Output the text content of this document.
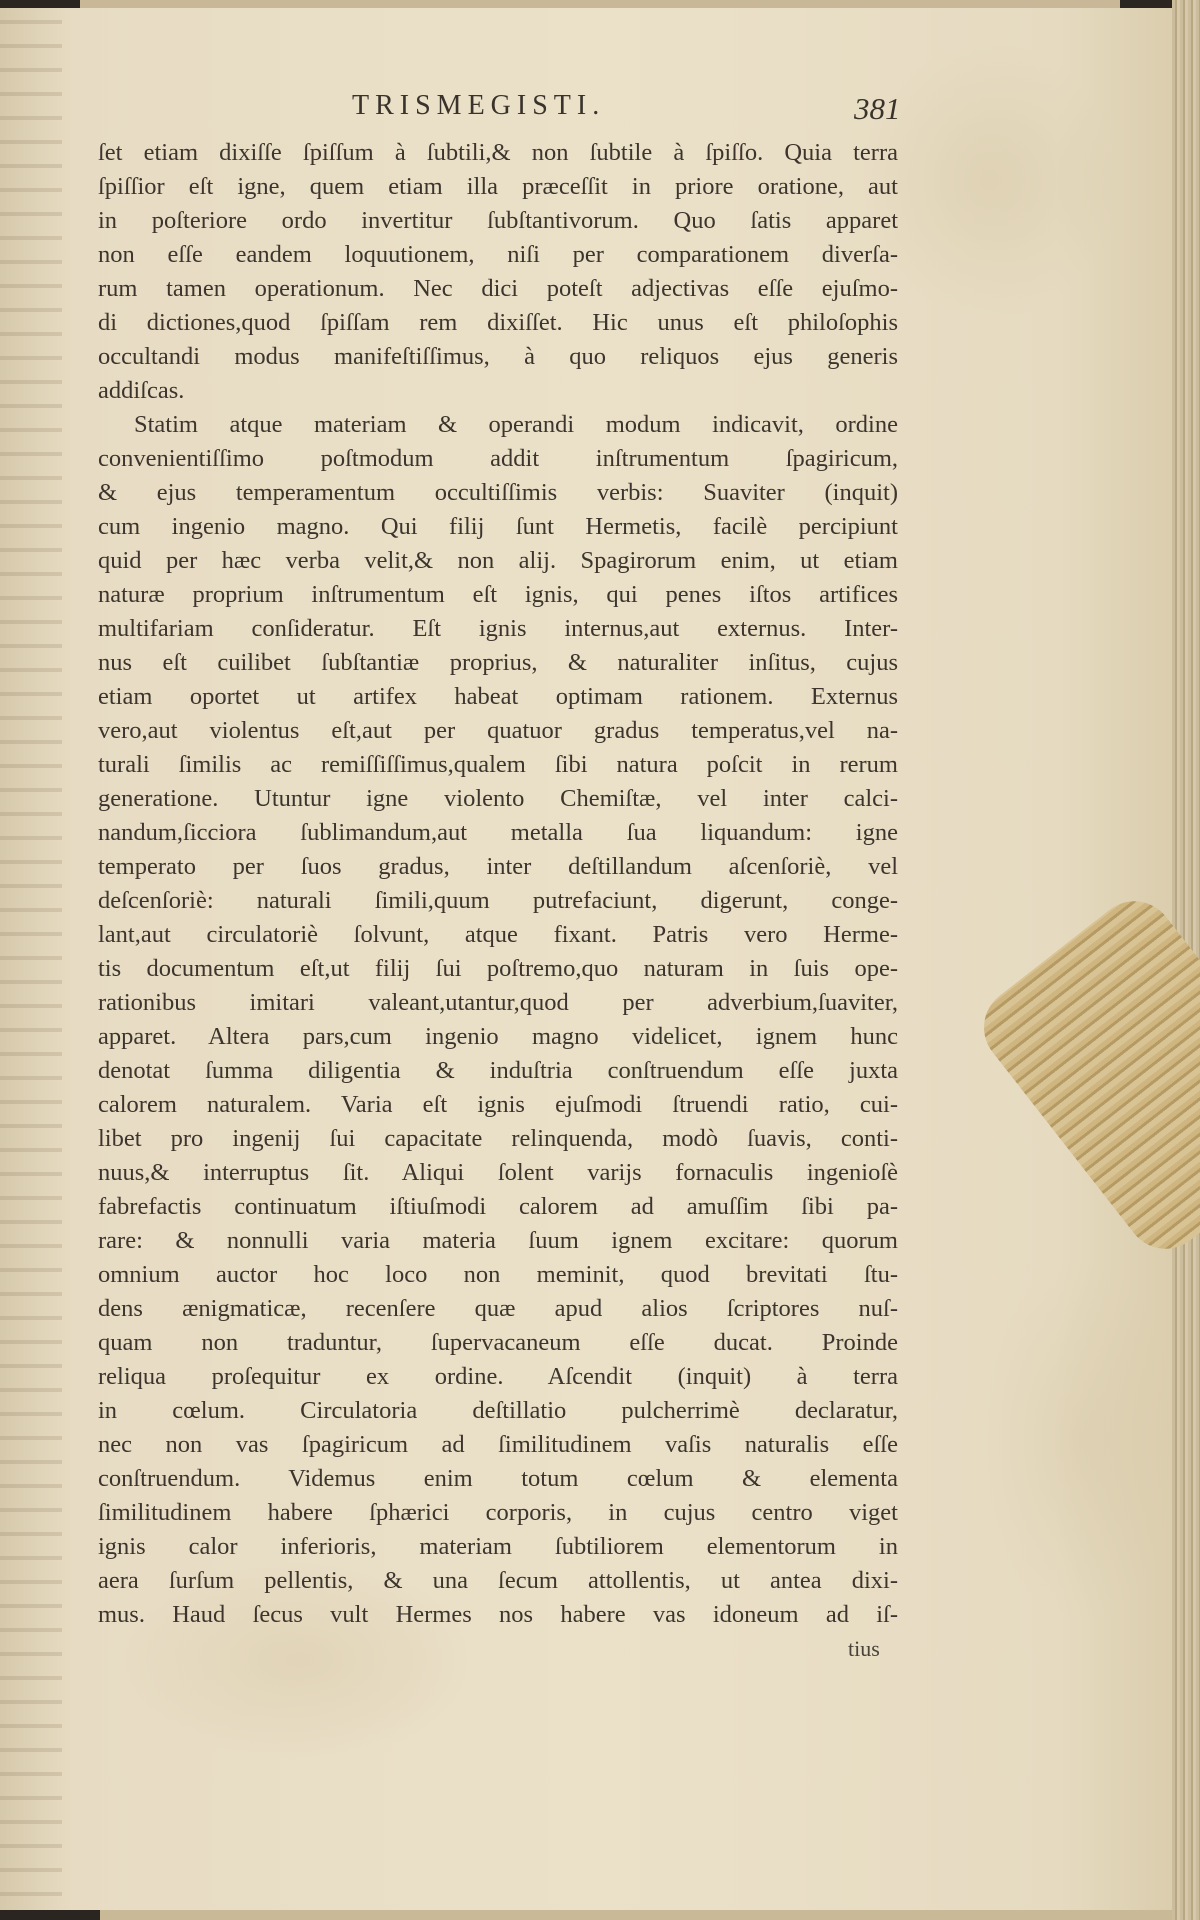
TRISMEGISTI.	381
ſet etiam dixiſſe ſpiſſum à ſubtili,& non ſubtile à ſpiſſo. Quia terra
ſpiſſior eſt igne, quem etiam illa præceſſit in priore oratione, aut
in poſteriore ordo invertitur ſubſtantivorum. Quo ſatis apparet
non eſſe eandem loquutionem, niſi per comparationem diverſa-
rum tamen operationum. Nec dici poteſt adjectivas eſſe ejuſmo-
di dictiones,quod ſpiſſam rem dixiſſet. Hic unus eſt philoſophis
occultandi modus manifeſtiſſimus, à quo reliquos ejus generis
addiſcas.
Statim atque materiam & operandi modum indicavit, ordine
convenientiſſimo poſtmodum addit inſtrumentum ſpagiricum,
& ejus temperamentum occultiſſimis verbis: Suaviter (inquit)
cum ingenio magno. Qui filij ſunt Hermetis, facilè percipiunt
quid per hæc verba velit,& non alij. Spagirorum enim, ut etiam
naturæ proprium inſtrumentum eſt ignis, qui penes iſtos artifices
multifariam conſideratur. Eſt ignis internus,aut externus. Inter-
nus eſt cuilibet ſubſtantiæ proprius, & naturaliter inſitus, cujus
etiam oportet ut artifex habeat optimam rationem. Externus
vero,aut violentus eſt,aut per quatuor gradus temperatus,vel na-
turali ſimilis ac remiſſiſſimus,qualem ſibi natura poſcit in rerum
generatione. Utuntur igne violento Chemiſtæ, vel inter calci-
nandum,ſicciora ſublimandum,aut metalla ſua liquandum: igne
temperato per ſuos gradus, inter deſtillandum aſcenſoriè, vel
deſcenſoriè: naturali ſimili,quum putrefaciunt, digerunt, conge-
lant,aut circulatoriè ſolvunt, atque fixant. Patris vero Herme-
tis documentum eſt,ut filij ſui poſtremo,quo naturam in ſuis ope-
rationibus imitari valeant,utantur,quod per adverbium,ſuaviter,
apparet. Altera pars,cum ingenio magno videlicet, ignem hunc
denotat ſumma diligentia & induſtria conſtruendum eſſe juxta
calorem naturalem. Varia eſt ignis ejuſmodi ſtruendi ratio, cui-
libet pro ingenij ſui capacitate relinquenda, modò ſuavis, conti-
nuus,& interruptus ſit. Aliqui ſolent varijs fornaculis ingenioſè
fabrefactis continuatum iſtiuſmodi calorem ad amuſſim ſibi pa-
rare: & nonnulli varia materia ſuum ignem excitare: quorum
omnium auctor hoc loco non meminit, quod brevitati ſtu-
dens ænigmaticæ, recenſere quæ apud alios ſcriptores nuſ-
quam non traduntur, ſupervacaneum eſſe ducat. Proinde
reliqua proſequitur ex ordine. Aſcendit (inquit) à terra
in cœlum. Circulatoria deſtillatio pulcherrimè declaratur,
nec non vas ſpagiricum ad ſimilitudinem vaſis naturalis eſſe
conſtruendum. Videmus enim totum cœlum & elementa
ſimilitudinem habere ſphærici corporis, in cujus centro viget
ignis calor inferioris, materiam ſubtiliorem elementorum in
aera ſurſum pellentis, & una ſecum attollentis, ut antea dixi-
mus. Haud ſecus vult Hermes nos habere vas idoneum ad iſ-
tius
